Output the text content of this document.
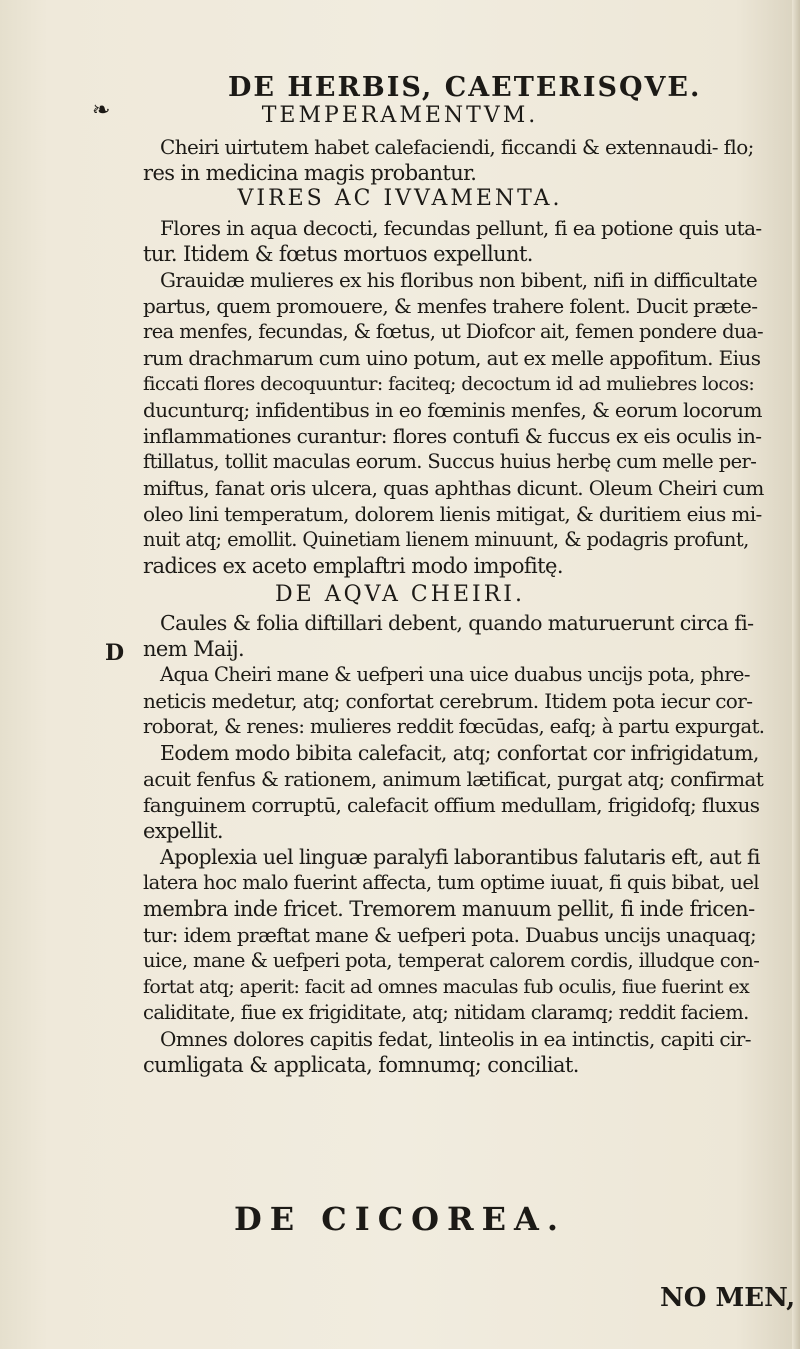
DE HERBIS, CAETERISQVE.
❧
D
TEMPERAMENTVM.
Cheiri uirtutem habet calefaciendi, ficcandi & extennaudi- flo;
res in medicina magis probantur.
VIRES AC IVVAMENTA.
Flores in aqua decocti, fecundas pellunt, fi ea potione quis uta-
tur. Itidem & fœtus mortuos expellunt.
Grauidæ mulieres ex his floribus non bibent, nifi in difficultate
partus, quem promouere, & menfes trahere folent. Ducit præte-
rea menfes, fecundas, & fœtus, ut Diofcor ait, femen pondere dua-
rum drachmarum cum uino potum, aut ex melle appofitum. Eius
ficcati flores decoquuntur: faciteq; decoctum id ad muliebres locos:
ducunturq; infidentibus in eo fœminis menfes, & eorum locorum
inflammationes curantur: flores contufi & fuccus ex eis oculis in-
ftillatus, tollit maculas eorum. Succus huius herbę cum melle per-
miftus, fanat oris ulcera, quas aphthas dicunt. Oleum Cheiri cum
oleo lini temperatum, dolorem lienis mitigat, & duritiem eius mi-
nuit atq; emollit. Quinetiam lienem minuunt, & podagris profunt,
radices ex aceto emplaftri modo impofitę.
DE AQVA CHEIRI.
Caules & folia diftillari debent, quando maturuerunt circa fi-
nem Maij.
Aqua Cheiri mane & uefperi una uice duabus uncijs pota, phre-
neticis medetur, atq; confortat cerebrum. Itidem pota iecur cor-
roborat, & renes: mulieres reddit fœcūdas, eafq; à partu expurgat.
Eodem modo bibita calefacit, atq; confortat cor infrigidatum,
acuit fenfus & rationem, animum lætificat, purgat atq; confirmat
fanguinem corruptū, calefacit offium medullam, frigidofq; fluxus
expellit.
Apoplexia uel linguæ paralyfi laborantibus falutaris eft, aut fi
latera hoc malo fuerint affecta, tum optime iuuat, fi quis bibat, uel
membra inde fricet. Tremorem manuum pellit, fi inde fricen-
tur: idem præftat mane & uefperi pota. Duabus uncijs unaquaq;
uice, mane & uefperi pota, temperat calorem cordis, illudque con-
fortat atq; aperit: facit ad omnes maculas fub oculis, fiue fuerint ex
caliditate, fiue ex frigiditate, atq; nitidam claramq; reddit faciem.
Omnes dolores capitis fedat, linteolis in ea intinctis, capiti cir-
cumligata & applicata, fomnumq; conciliat.
DE CICOREA.
NO MEN,
